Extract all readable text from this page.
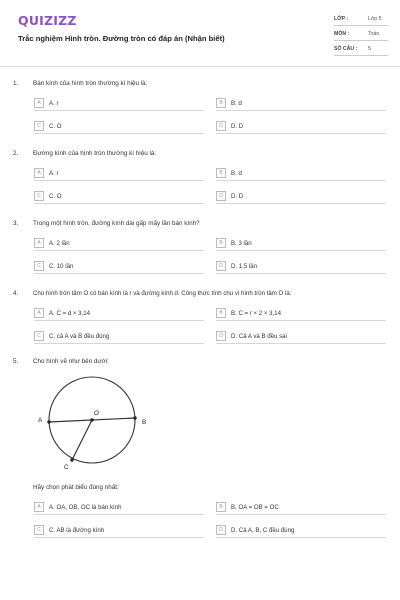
QUIZIZZ
Trắc nghiệm Hình tròn. Đường tròn có đáp án (Nhận biết)
LỚP :	Lớp 5
MÔN :	Toán
SỐ CÂU : 5
1. Bán kính của hình tròn thường kí hiệu là:
A	A. r	B	B. d
C	C. O	D	D. D
2. Đường kính của hình tròn thường kí hiệu là:
A	A. r	B	B. d
C	C. O	D	D. D
3. Trong một hình tròn, đường kính dài gấp mấy lần bán kính?
A	A. 2 lần	B	B. 3 lần
C	C. 10 lần	D	D. 1,5 lần
4. Cho hình tròn tâm O có bán kính là r và đường kính d. Công thức tính chu vi hình tròn tâm O là:
A	A. C = d × 3,14	B	B. C = r × 2 × 3,14
C	C. cả A và B đều đúng	D	D. Cả A và B đều sai
5. Cho hình vẽ như bên dưới:
A
O
B
C
Hãy chọn phát biểu đúng nhất:
A	A. OA, OB, OC là bán kính	B	B. OA = OB = OC
C	C. AB là đường kính	D	D. Cả A, B, C đều đúng
